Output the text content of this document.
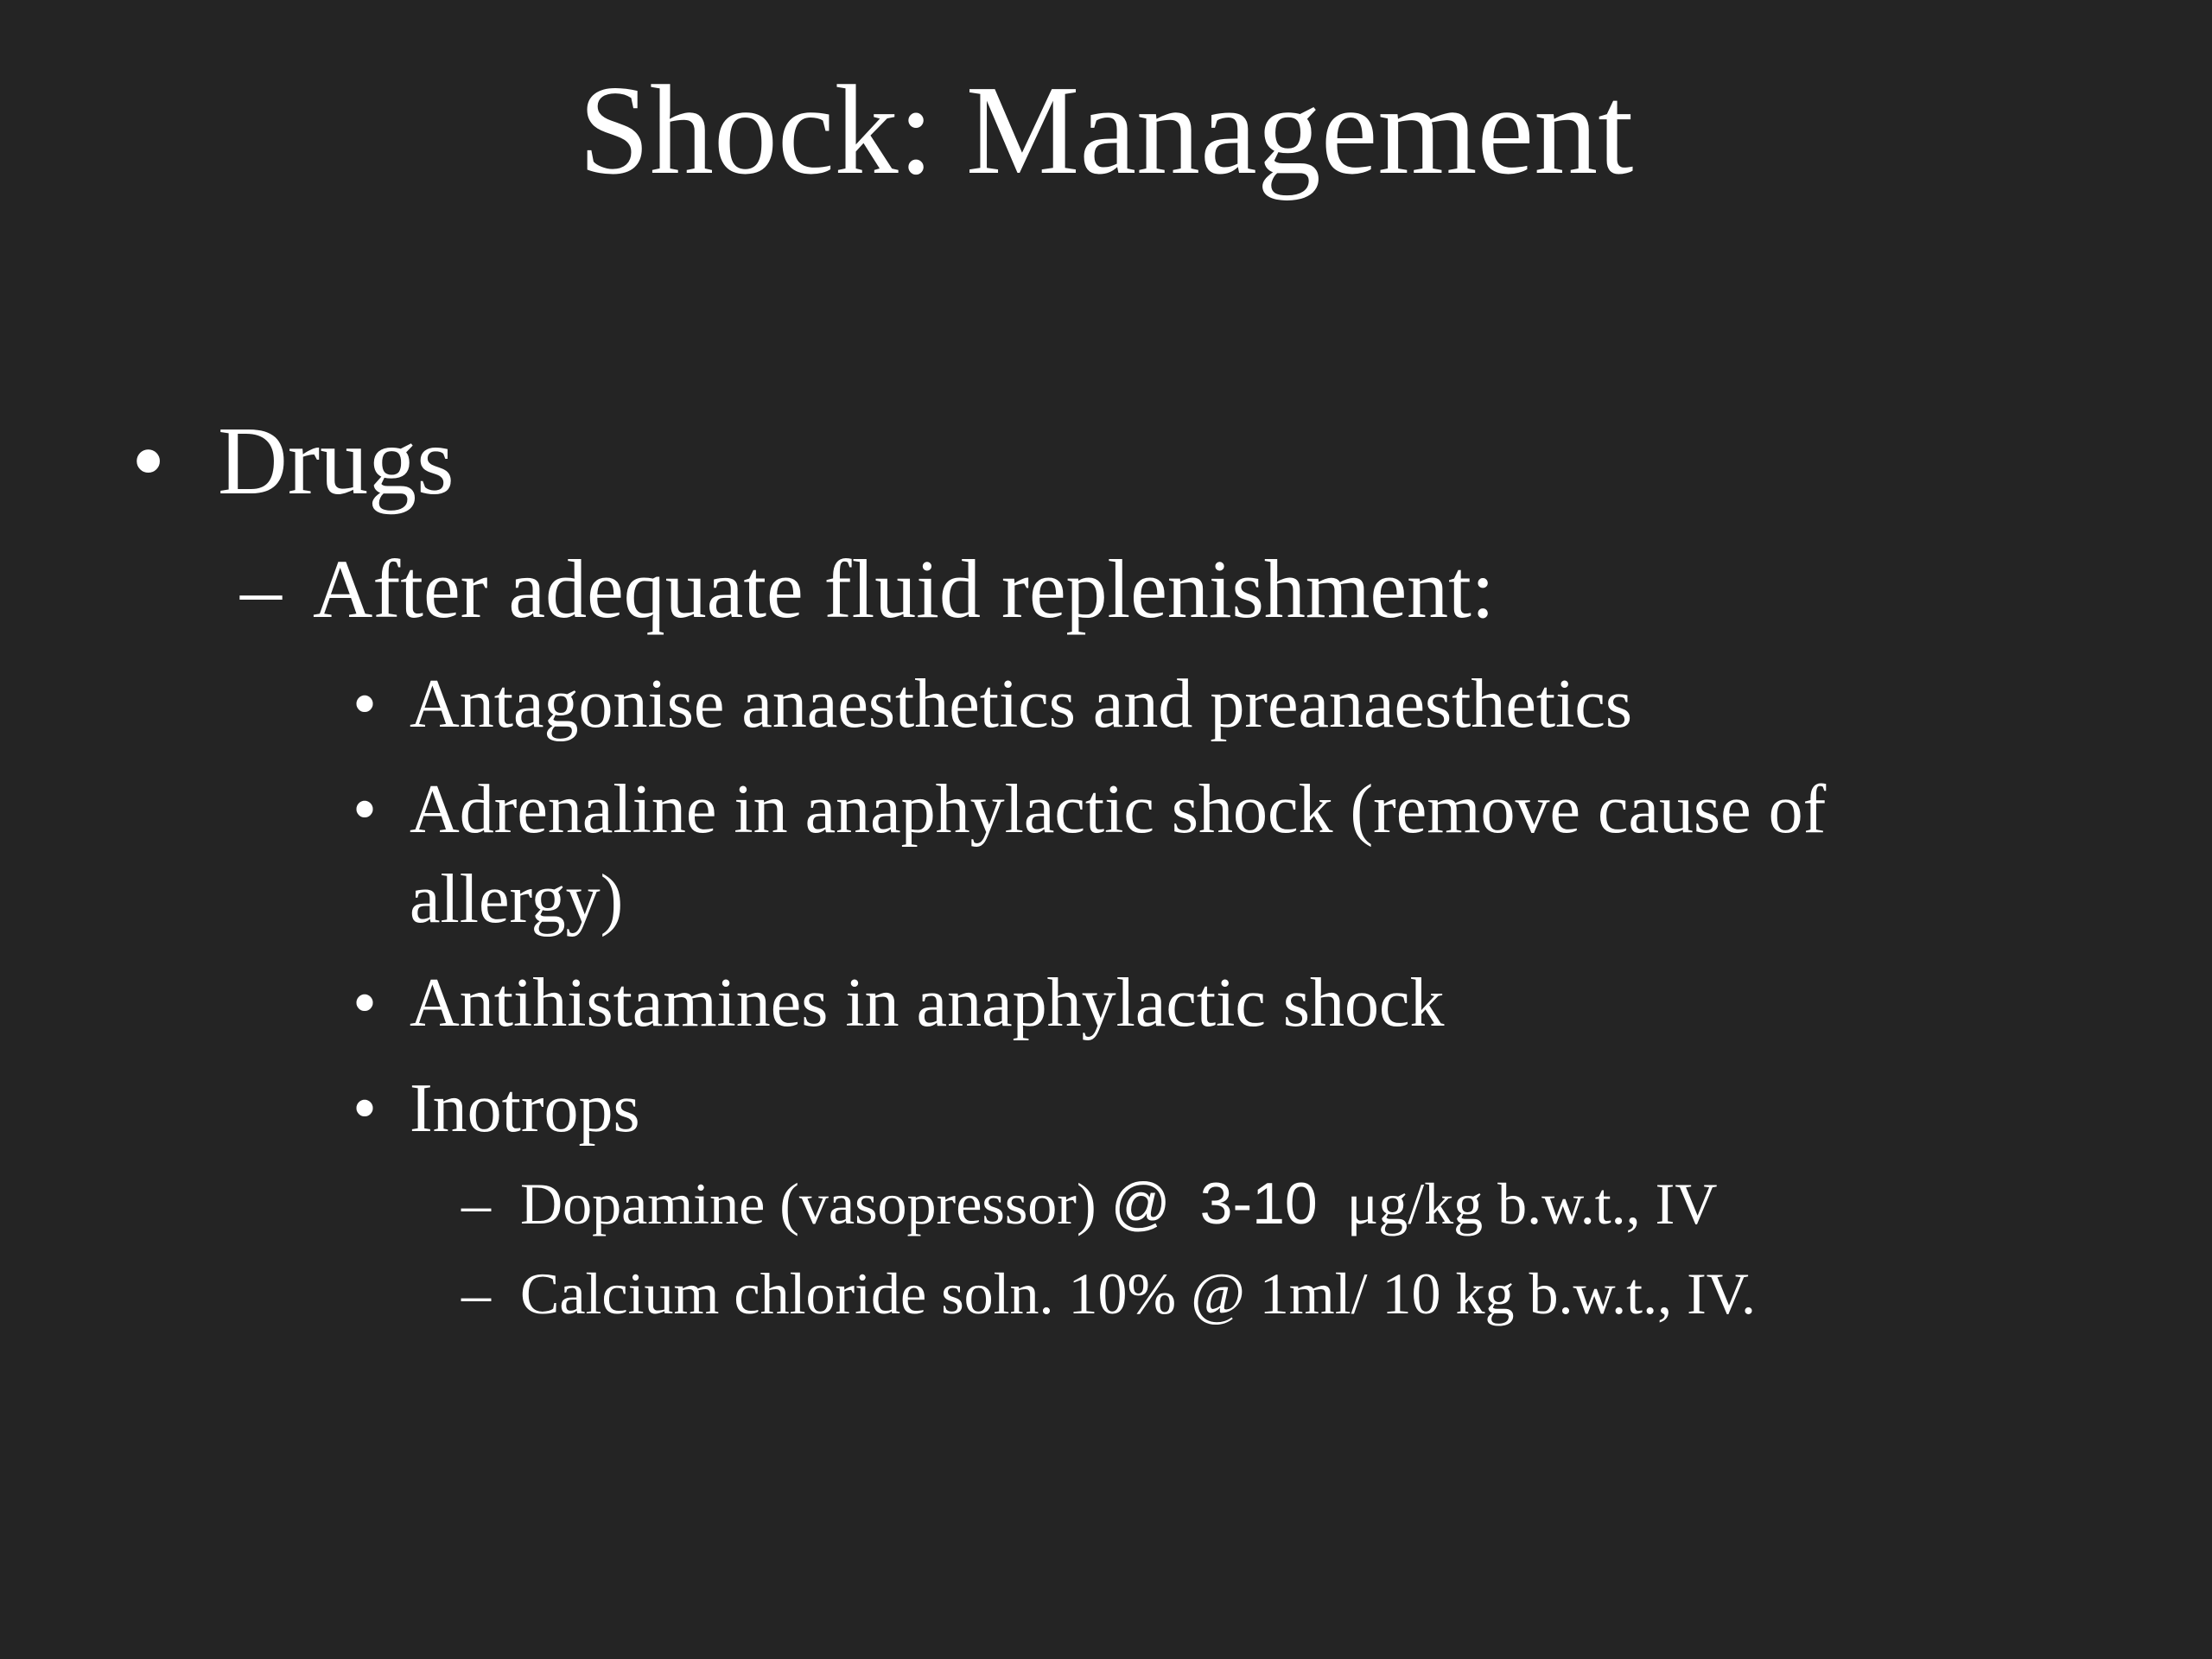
Shock: Management
• Drugs
– After adequate fluid replenishment:
• Antagonise anaesthetics and preanaesthetics
• Adrenaline in anaphylactic shock (remove cause of
allergy)
• Antihistamines in anaphylactic shock
• Inotrops
– Dopamine (vasopressor) @ 3-10 μg/kg b.w.t., IV
– Calcium chloride soln. 10% @ 1ml/ 10 kg b.w.t., IV.
